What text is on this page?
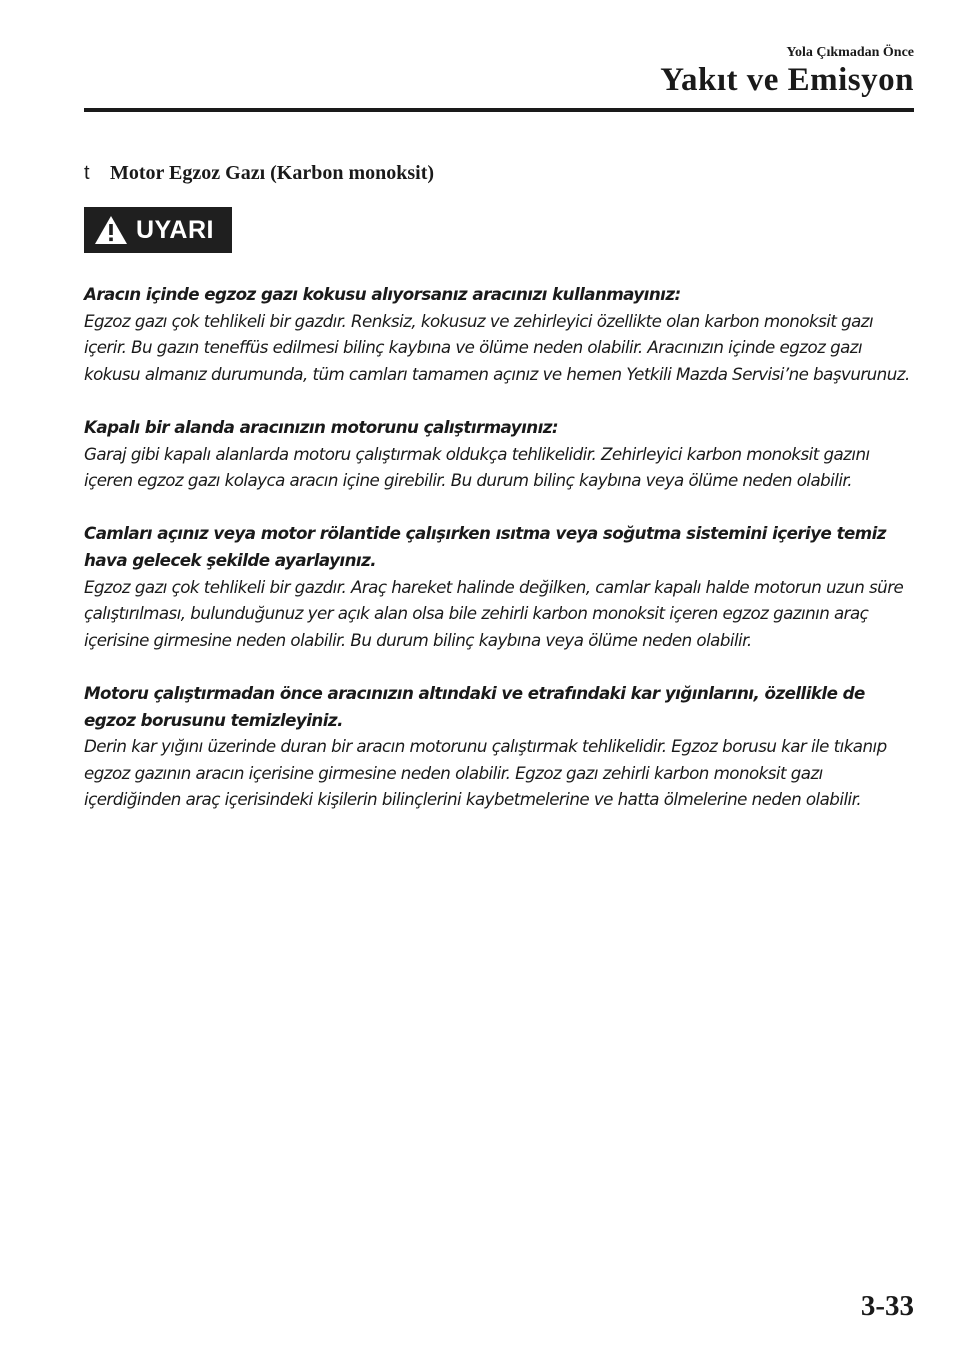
Yola Çıkmadan Önce
Yakıt ve Emisyon
t	Motor Egzoz Gazı (Karbon monoksit)
UYARI
Aracın içinde egzoz gazı kokusu alıyorsanız aracınızı kullanmayınız:
Egzoz gazı çok tehlikeli bir gazdır. Renksiz, kokusuz ve zehirleyici özellikte olan karbon monoksit gazı içerir. Bu gazın teneffüs edilmesi bilinç kaybına ve ölüme neden olabilir. Aracınızın içinde egzoz gazı kokusu almanız durumunda, tüm camları tamamen açınız ve hemen Yetkili Mazda Servisi’ne başvurunuz.
Kapalı bir alanda aracınızın motorunu çalıştırmayınız:
Garaj gibi kapalı alanlarda motoru çalıştırmak oldukça tehlikelidir. Zehirleyici karbon monoksit gazını içeren egzoz gazı kolayca aracın içine girebilir. Bu durum bilinç kaybına veya ölüme neden olabilir.
Camları açınız veya motor rölantide çalışırken ısıtma veya soğutma sistemini içeriye temiz hava gelecek şekilde ayarlayınız.
Egzoz gazı çok tehlikeli bir gazdır. Araç hareket halinde değilken, camlar kapalı halde motorun uzun süre çalıştırılması, bulunduğunuz yer açık alan olsa bile zehirli karbon monoksit içeren egzoz gazının araç içerisine girmesine neden olabilir. Bu durum bilinç kaybına veya ölüme neden olabilir.
Motoru çalıştırmadan önce aracınızın altındaki ve etrafındaki kar yığınlarını, özellikle de egzoz borusunu temizleyiniz.
Derin kar yığını üzerinde duran bir aracın motorunu çalıştırmak tehlikelidir. Egzoz borusu kar ile tıkanıp egzoz gazının aracın içerisine girmesine neden olabilir. Egzoz gazı zehirli karbon monoksit gazı içerdiğinden araç içerisindeki kişilerin bilinçlerini kaybetmelerine ve hatta ölmelerine neden olabilir.
3-33
